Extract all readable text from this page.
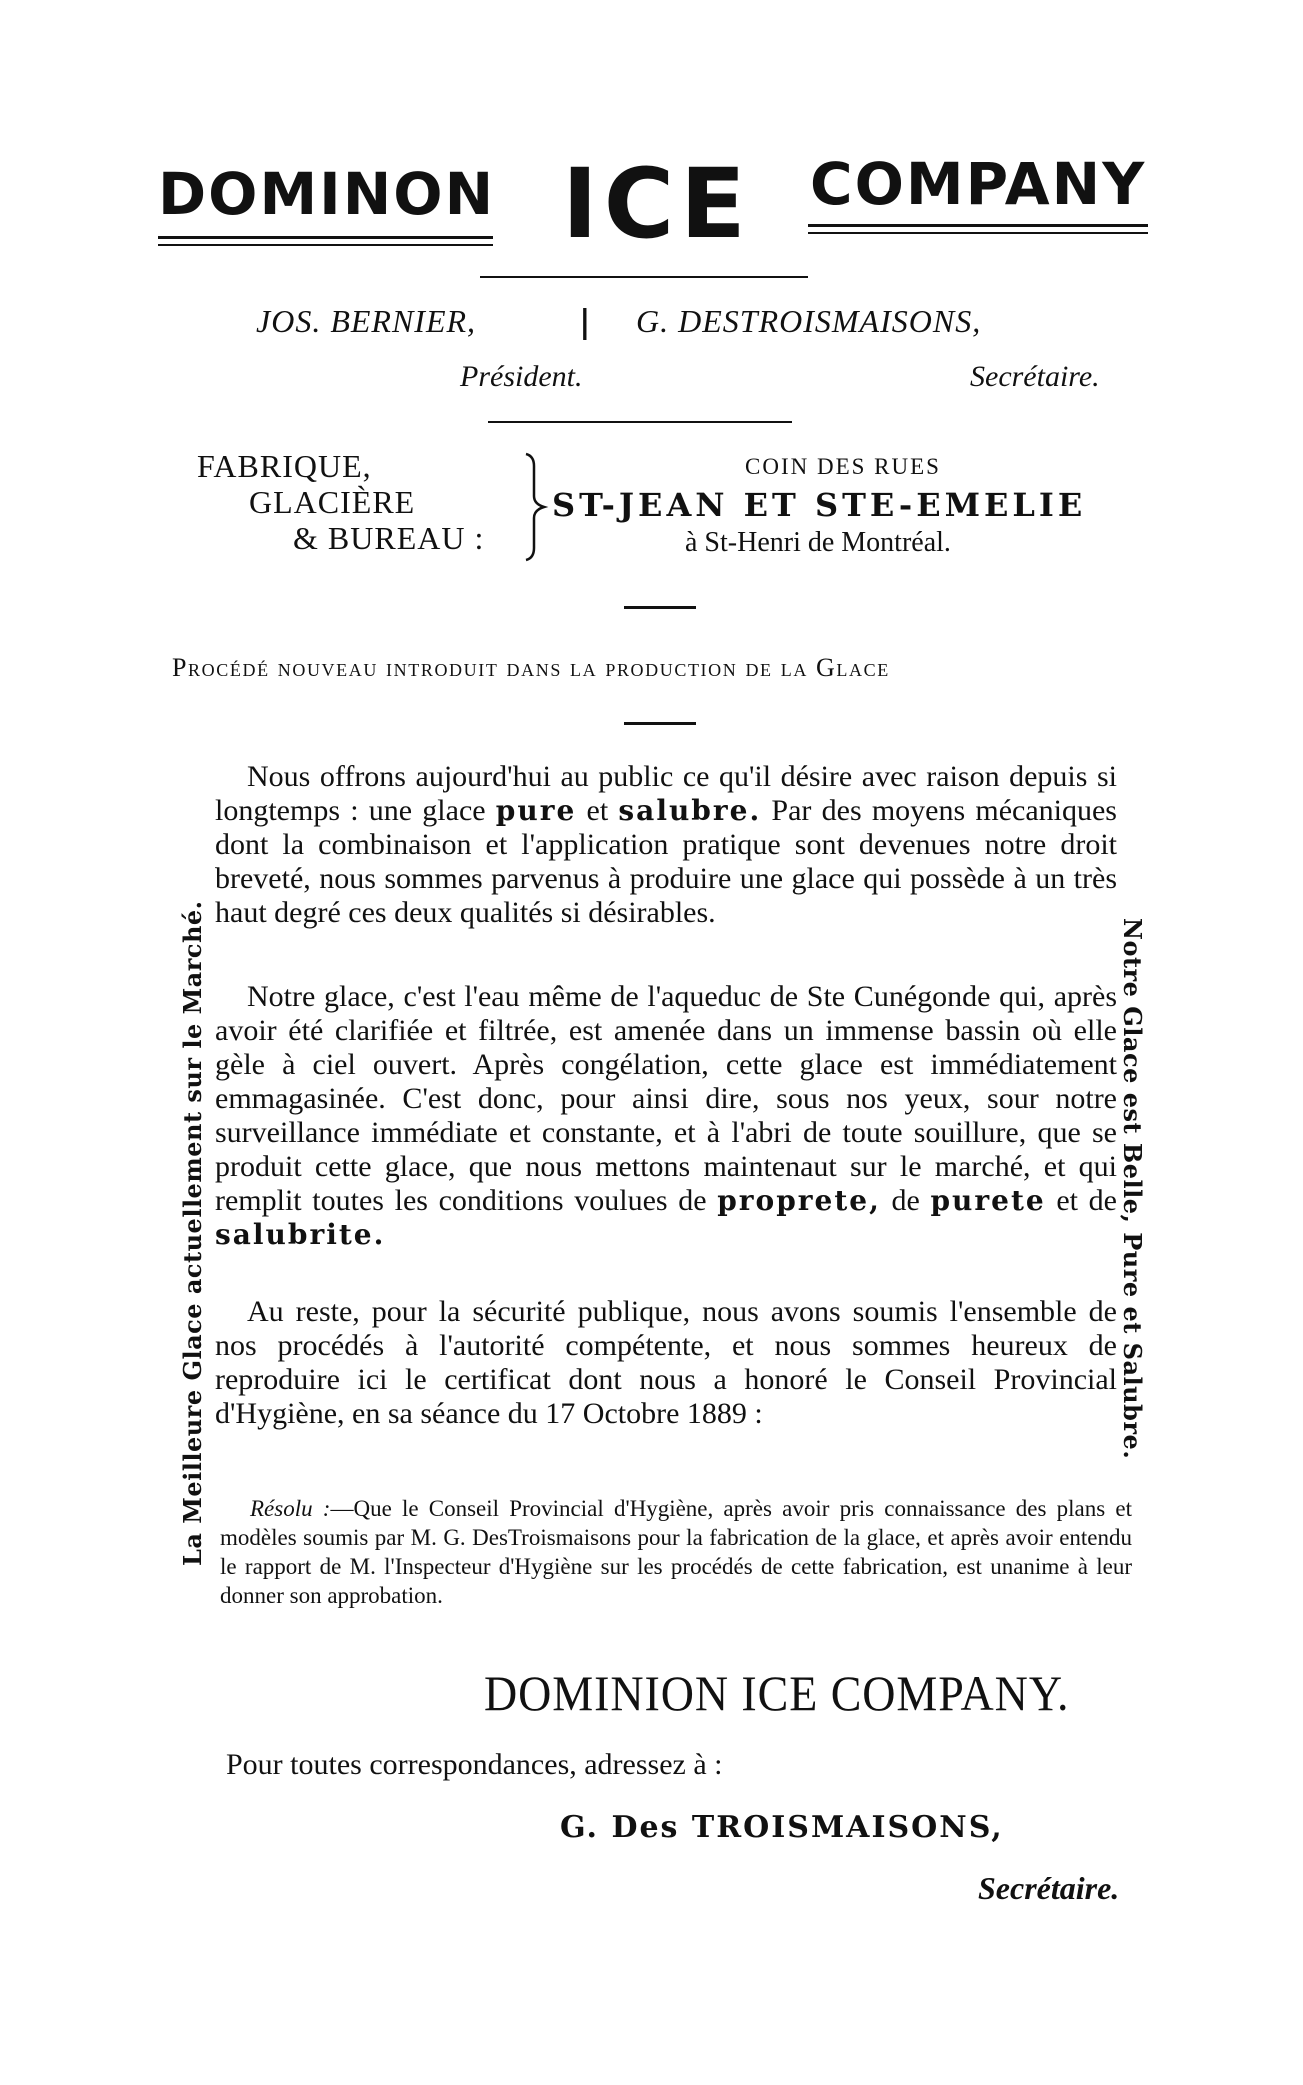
DOMINON ICE COMPANY
JOS. BERNIER,	| G. DESTROISMAISONS,
Président.	Secrétaire.
FABRIQUE,
GLACIÈRE
& BUREAU :
COIN DES RUES
ST-JEAN ET STE-EMELIE
à St-Henri de Montréal.
Procédé nouveau introduit dans la production de la Glace
Nous offrons aujourd'hui au public ce qu'il désire avec raison depuis si longtemps : une glace pure et salubre. Par des moyens mécaniques dont la combinaison et l'application pratique sont devenues notre droit breveté, nous sommes parvenus à produire une glace qui possède à un très haut degré ces deux qualités si désirables.
Notre glace, c'est l'eau même de l'aqueduc de Ste Cunégonde qui, après avoir été clarifiée et filtrée, est amenée dans un immense bassin où elle gèle à ciel ouvert. Après congélation, cette glace est immédiatement emmagasinée. C'est donc, pour ainsi dire, sous nos yeux, sour notre surveillance immédiate et constante, et à l'abri de toute souillure, que se produit cette glace, que nous mettons maintenaut sur le marché, et qui remplit toutes les conditions voulues de proprete, de purete et de salubrite.
Au reste, pour la sécurité publique, nous avons soumis l'ensemble de nos procédés à l'autorité compétente, et nous sommes heureux de reproduire ici le certificat dont nous a honoré le Conseil Provincial d'Hygiène, en sa séance du 17 Octobre 1889 :
Résolu :—Que le Conseil Provincial d'Hygiène, après avoir pris connaissance des plans et modèles soumis par M. G. DesTroismaisons pour la fabrication de la glace, et après avoir entendu le rapport de M. l'Inspecteur d'Hygiène sur les procédés de cette fabrication, est unanime à leur donner son approbation.
DOMINION ICE COMPANY.
Pour toutes correspondances, adressez à :
G. Des TROISMAISONS,
Secrétaire.
La Meilleure Glace actuellement sur le Marché.	Notre Glace est Belle, Pure et Salubre.
